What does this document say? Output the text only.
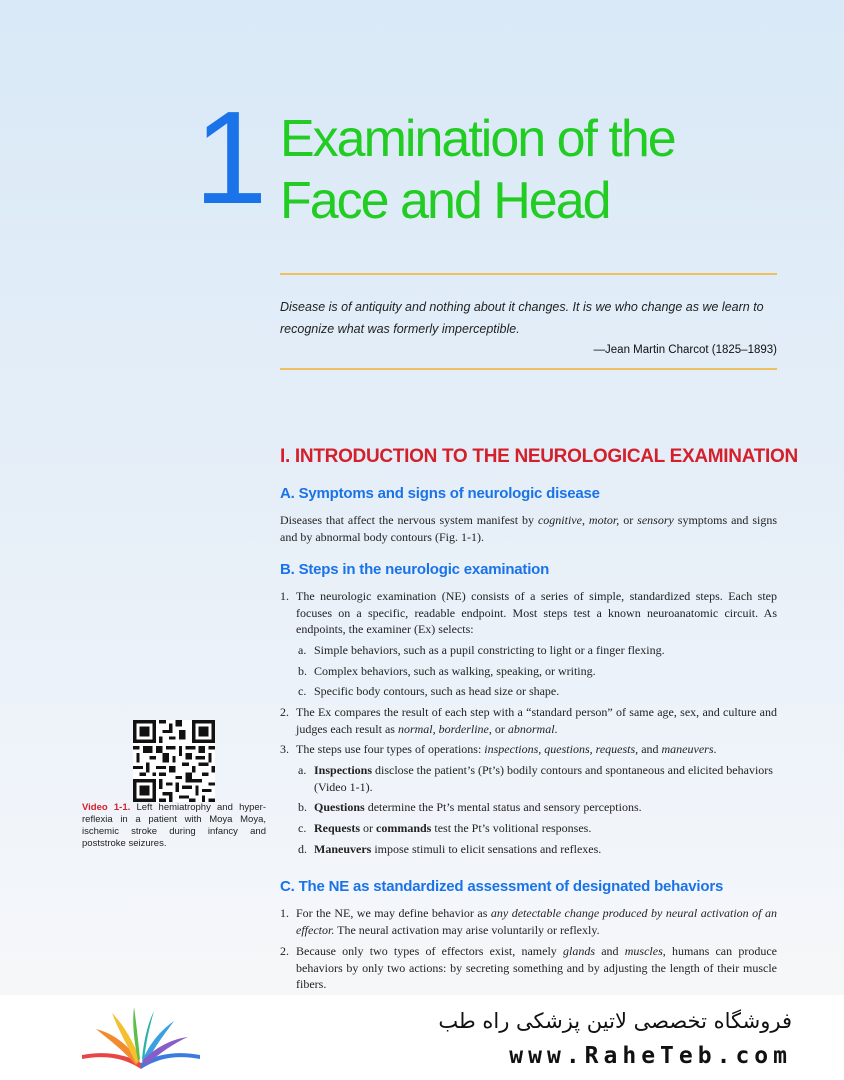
1 Examination of the
Face and Head

Disease is of antiquity and nothing about it changes. It is we who change as we learn to recognize what was formerly imperceptible.

—Jean Martin Charcot (1825–1893)
I. INTRODUCTION TO THE NEUROLOGICAL EXAMINATION
A. Symptoms and signs of neurologic disease

Diseases that affect the nervous system manifest by cognitive, motor, or sensory symptoms and signs and by abnormal body contours (Fig. 1-1).

B. Steps in the neurologic examination
1. The neurologic examination (NE) consists of a series of simple, standardized steps. Each step focuses on a specific, readable endpoint. Most steps test a known neuroanatomic circuit. As endpoints, the examiner (Ex) selects:
a. Simple behaviors, such as a pupil constricting to light or a finger flexing.
b. Complex behaviors, such as walking, speaking, or writing.
c. Specific body contours, such as head size or shape.
2. The Ex compares the result of each step with a “standard person” of same age, sex, and culture and judges each result as normal, borderline, or abnormal.
3. The steps use four types of operations: inspections, questions, requests, and maneuvers.
a. Inspections disclose the patient’s (Pt’s) bodily contours and spontaneous and elicited behaviors (Video 1-1).
b. Questions determine the Pt’s mental status and sensory perceptions.
c. Requests or commands test the Pt’s volitional responses.
d. Maneuvers impose stimuli to elicit sensations and reflexes.
C. The NE as standardized assessment of designated behaviors
1. For the NE, we may define behavior as any detectable change produced by neural activation of an effector. The neural activation may arise voluntarily or reflexly.
2. Because only two types of effectors exist, namely glands and muscles, humans can produce behaviors by only two actions: by secreting something and by adjusting the length of their muscle fibers.
Video 1-1. Left hemiatrophy and hyper-reflexia in a patient with Moya Moya, ischemic stroke during infancy and poststroke seizures.
فروشگاه تخصصی لاتین پزشکی راه طب
www.RaheTeb.com
